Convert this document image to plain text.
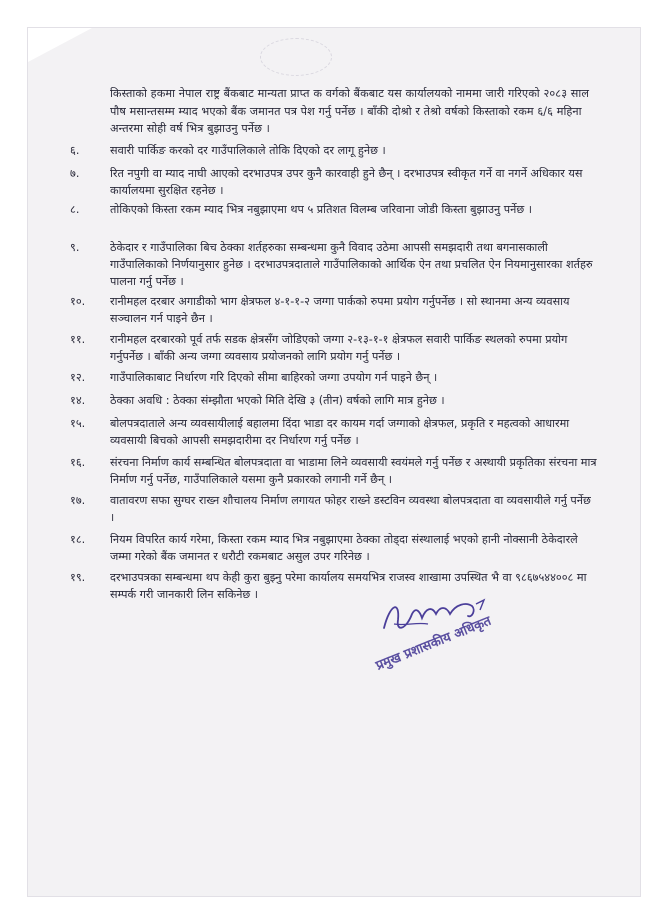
किस्ताको हकमा नेपाल राष्ट्र बैंकबाट मान्यता प्राप्त क वर्गको बैंकबाट यस कार्यालयको नाममा जारी गरिएको २०८३ साल पौष मसान्तसम्म म्याद भएको बैंक जमानत पत्र पेश गर्नु पर्नेछ । बाँकी दोश्रो र तेश्रो वर्षको किस्ताको रकम ६/६ महिना अन्तरमा सोही वर्ष भित्र बुझाउनु पर्नेछ ।
६.	सवारी पार्किङ करको दर गाउँपालिकाले तोकि दिएको दर लागू हुनेछ ।
७.	रित नपुगी वा म्याद नाघी आएको दरभाउपत्र उपर कुनै कारवाही हुने छैन् । दरभाउपत्र स्वीकृत गर्ने वा नगर्ने अधिकार यस कार्यालयमा सुरक्षित रहनेछ ।
८.	तोकिएको किस्ता रकम म्याद भित्र नबुझाएमा थप ५ प्रतिशत विलम्ब जरिवाना जोडी किस्ता बुझाउनु पर्नेछ ।
९.	ठेकेदार र गाउँपालिका बिच ठेक्का शर्तहरुका सम्बन्धमा कुनै विवाद उठेमा आपसी समझदारी तथा बगनासकाली गाउँपालिकाको निर्णयानुसार हुनेछ । दरभाउपत्रदाताले गाउँपालिकाको आर्थिक ऐन तथा प्रचलित ऐन नियमानुसारका शर्तहरु पालना गर्नु पर्नेछ ।
१०.	रानीमहल दरबार अगाडीको भाग क्षेत्रफल ४-१-१-२ जग्गा पार्कको रुपमा प्रयोग गर्नुपर्नेछ । सो स्थानमा अन्य व्यवसाय सञ्चालन गर्न पाइने छैन ।
११.	रानीमहल दरबारको पूर्व तर्फ सडक क्षेत्रसँग जोडिएको जग्गा २-१३-१-१ क्षेत्रफल सवारी पार्किङ स्थलको रुपमा प्रयोग गर्नुपर्नेछ । बाँकी अन्य जग्गा व्यवसाय प्रयोजनको लागि प्रयोग गर्नु पर्नेछ ।
१२.	गाउँपालिकाबाट निर्धारण गरि दिएको सीमा बाहिरको जग्गा उपयोग गर्न पाइने छैन् ।
१४.	ठेक्का अवधि : ठेक्का संम्झौता भएको मिति देखि ३ (तीन) वर्षको लागि मात्र हुनेछ ।
१५.	बोलपत्रदाताले अन्य व्यवसायीलाई बहालमा दिंदा भाडा दर कायम गर्दा जग्गाको क्षेत्रफल, प्रकृति र महत्वको आधारमा व्यवसायी बिचको आपसी समझदारीमा दर निर्धारण गर्नु पर्नेछ ।
१६.	संरचना निर्माण कार्य सम्बन्धित बोलपत्रदाता वा भाडामा लिने व्यवसायी स्वयंमले गर्नु पर्नेछ र अस्थायी प्रकृतिका संरचना मात्र निर्माण गर्नु पर्नेछ, गाउँपालिकाले यसमा कुनै प्रकारको लगानी गर्ने छैन् ।
१७.	वातावरण सफा सुग्घर राख्न शौचालय निर्माण लगायत फोहर राख्ने डस्टविन व्यवस्था बोलपत्रदाता वा व्यवसायीले गर्नु पर्नेछ ।
१८.	नियम विपरित कार्य गरेमा, किस्ता रकम म्याद भित्र नबुझाएमा ठेक्का तोड्दा संस्थालाई भएको हानी नोक्सानी ठेकेदारले जम्मा गरेको बैंक जमानत र धरौटी रकमबाट असुल उपर गरिनेछ ।
१९.	दरभाउपत्रका सम्बन्धमा थप केही कुरा बुझ्नु परेमा कार्यालय समयभित्र राजस्व शाखामा उपस्थित भै वा ९८६७५४४००८ मा सम्पर्क गरी जानकारी लिन सकिनेछ ।
प्रमुख प्रशासकीय अधिकृत
